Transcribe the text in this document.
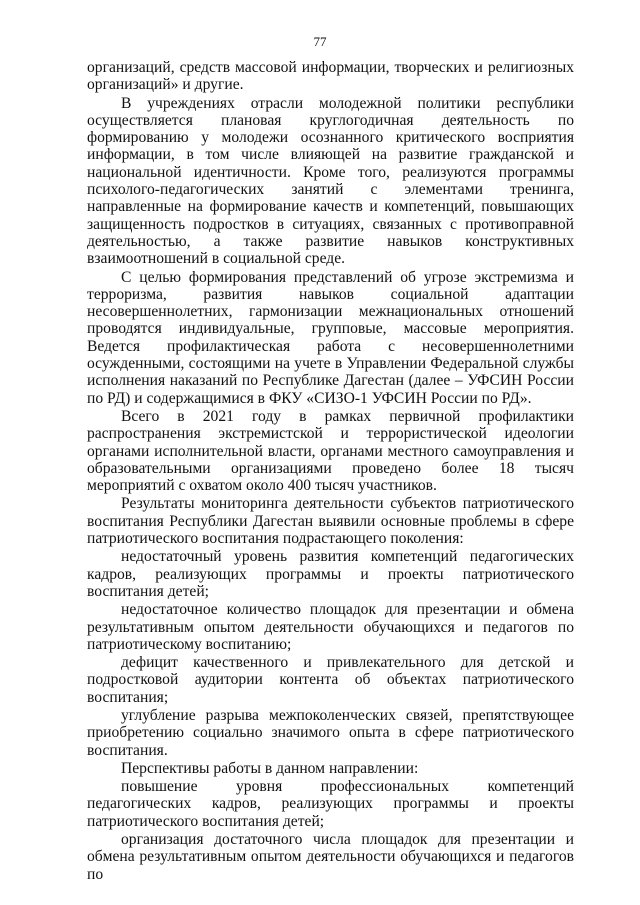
77

организаций, средств массовой информации, творческих и религиозных организаций» и другие.

В учреждениях отрасли молодежной политики республики осуществляется плановая круглогодичная деятельность по формированию у молодежи осознанного критического восприятия информации, в том числе влияющей на развитие гражданской и национальной идентичности. Кроме того, реализуются программы психолого-педагогических занятий с элементами тренинга, направленные на формирование качеств и компетенций, повышающих защищенность подростков в ситуациях, связанных с противоправной деятельностью, а также развитие навыков конструктивных взаимоотношений в социальной среде.

С целью формирования представлений об угрозе экстремизма и терроризма, развития навыков социальной адаптации несовершеннолетних, гармонизации межнациональных отношений проводятся индивидуальные, групповые, массовые мероприятия. Ведется профилактическая работа с несовершеннолетними осужденными, состоящими на учете в Управлении Федеральной службы исполнения наказаний по Республике Дагестан (далее – УФСИН России по РД) и содержащимися в ФКУ «СИЗО-1 УФСИН России по РД».

Всего в 2021 году в рамках первичной профилактики распространения экстремистской и террористической идеологии органами исполнительной власти, органами местного самоуправления и образовательными организациями проведено более 18 тысяч мероприятий с охватом около 400 тысяч участников.

Результаты мониторинга деятельности субъектов патриотического воспитания Республики Дагестан выявили основные проблемы в сфере патриотического воспитания подрастающего поколения:

недостаточный уровень развития компетенций педагогических кадров, реализующих программы и проекты патриотического воспитания детей;

недостаточное количество площадок для презентации и обмена результативным опытом деятельности обучающихся и педагогов по патриотическому воспитанию;

дефицит качественного и привлекательного для детской и подростковой аудитории контента об объектах патриотического воспитания;

углубление разрыва межпоколенческих связей, препятствующее приобретению социально значимого опыта в сфере патриотического воспитания.

Перспективы работы в данном направлении:

повышение уровня профессиональных компетенций педагогических кадров, реализующих программы и проекты патриотического воспитания детей;

организация достаточного числа площадок для презентации и обмена результативным опытом деятельности обучающихся и педагогов по
